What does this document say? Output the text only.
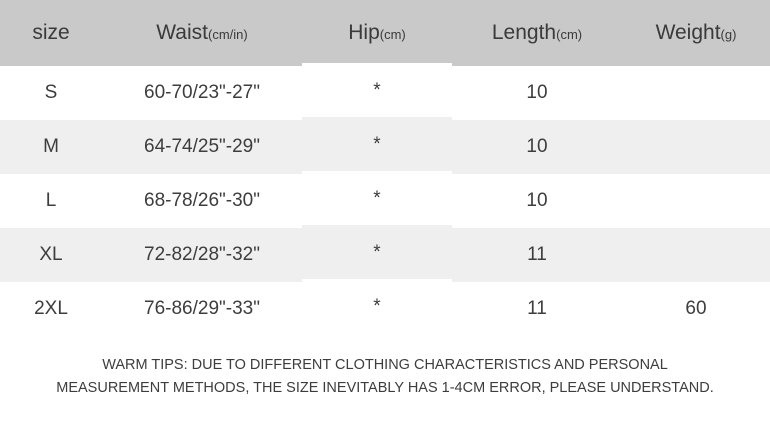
size	Waist(cm/in)	Hip(cm)	Length(cm)	Weight(g)
S	60-70/23"-27"	*	10	
M	64-74/25"-29"	*	10	
L	68-78/26"-30"	*	10	
XL	72-82/28"-32"	*	11	
2XL	76-86/29"-33"	*	11	60
WARM TIPS: DUE TO DIFFERENT CLOTHING CHARACTERISTICS AND PERSONAL
MEASUREMENT METHODS, THE SIZE INEVITABLY HAS 1-4CM ERROR, PLEASE UNDERSTAND.
